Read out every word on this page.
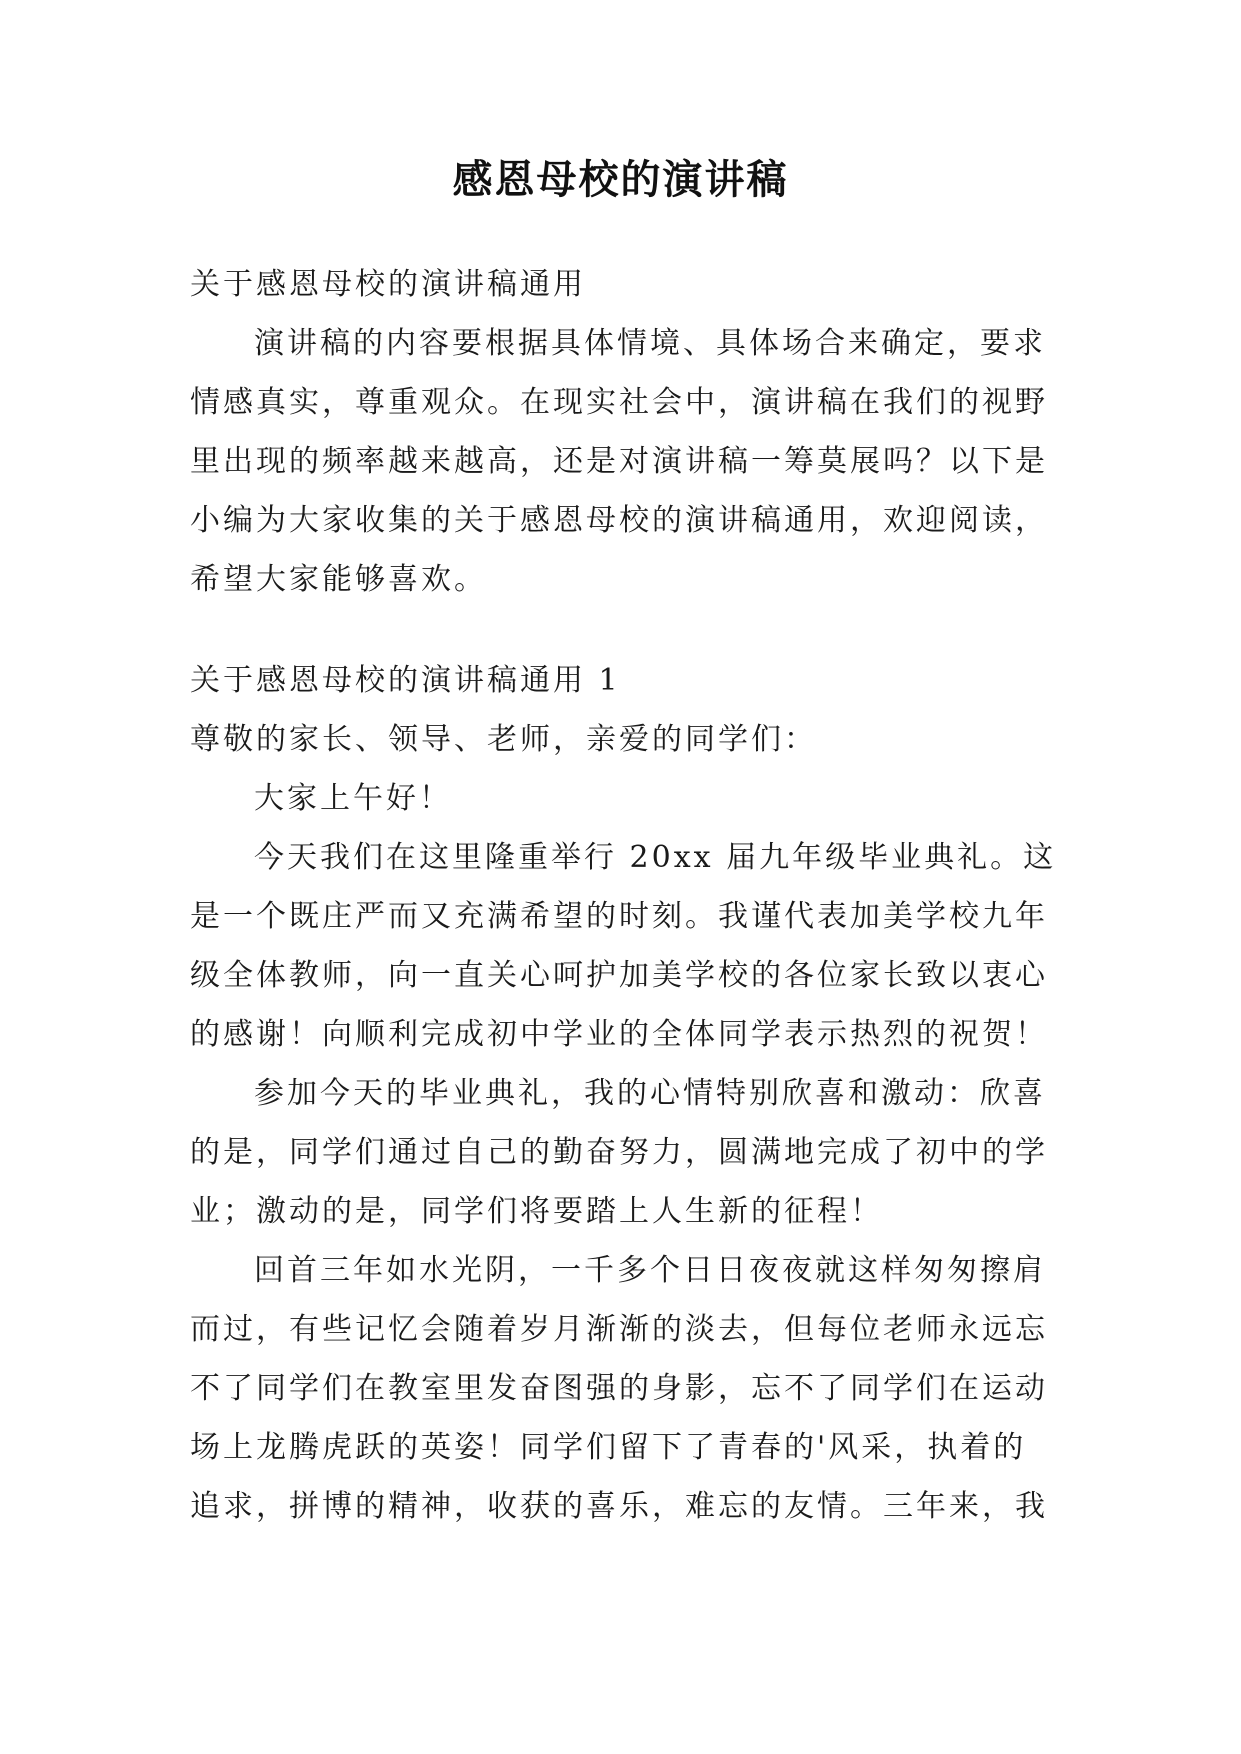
感恩母校的演讲稿
关于感恩母校的演讲稿通用
演讲稿的内容要根据具体情境、具体场合来确定，要求
情感真实，尊重观众。在现实社会中，演讲稿在我们的视野
里出现的频率越来越高，还是对演讲稿一筹莫展吗？以下是
小编为大家收集的关于感恩母校的演讲稿通用，欢迎阅读，
希望大家能够喜欢。
关于感恩母校的演讲稿通用 1
尊敬的家长、领导、老师，亲爱的同学们：
大家上午好！
今天我们在这里隆重举行 20xx 届九年级毕业典礼。这
是一个既庄严而又充满希望的时刻。我谨代表加美学校九年
级全体教师，向一直关心呵护加美学校的各位家长致以衷心
的感谢！向顺利完成初中学业的全体同学表示热烈的祝贺！
参加今天的毕业典礼，我的心情特别欣喜和激动：欣喜
的是，同学们通过自己的勤奋努力，圆满地完成了初中的学
业；激动的是，同学们将要踏上人生新的征程！
回首三年如水光阴，一千多个日日夜夜就这样匆匆擦肩
而过，有些记忆会随着岁月渐渐的淡去，但每位老师永远忘
不了同学们在教室里发奋图强的身影，忘不了同学们在运动
场上龙腾虎跃的英姿！同学们留下了青春的'风采，执着的
追求，拼博的精神，收获的喜乐，难忘的友情。三年来，我
